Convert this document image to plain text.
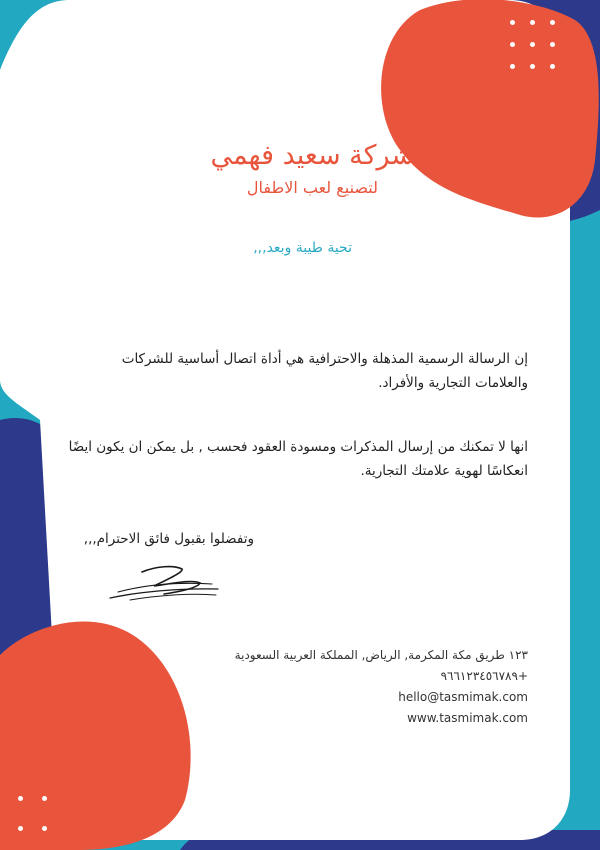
شركة سعيد فهمي
لتصنيع لعب الاطفال
تحية طيبة وبعد,,,

إن الرسالة الرسمية المذهلة والاحترافية هي أداة اتصال أساسية للشركات والعلامات التجارية والأفراد.

انها لا تمكنك من إرسال المذكرات ومسودة العقود فحسب , بل يمكن ان يكون ايضًا انعكاسًا لهوية علامتك التجارية.

وتفضلوا بقبول فائق الاحترام,,,
١٢٣ طريق مكة المكرمة, الرياض, المملكة العربية السعودية
+٩٦٦١٢٣٤٥٦٧٨٩
hello@tasmimak.com
www.tasmimak.com
